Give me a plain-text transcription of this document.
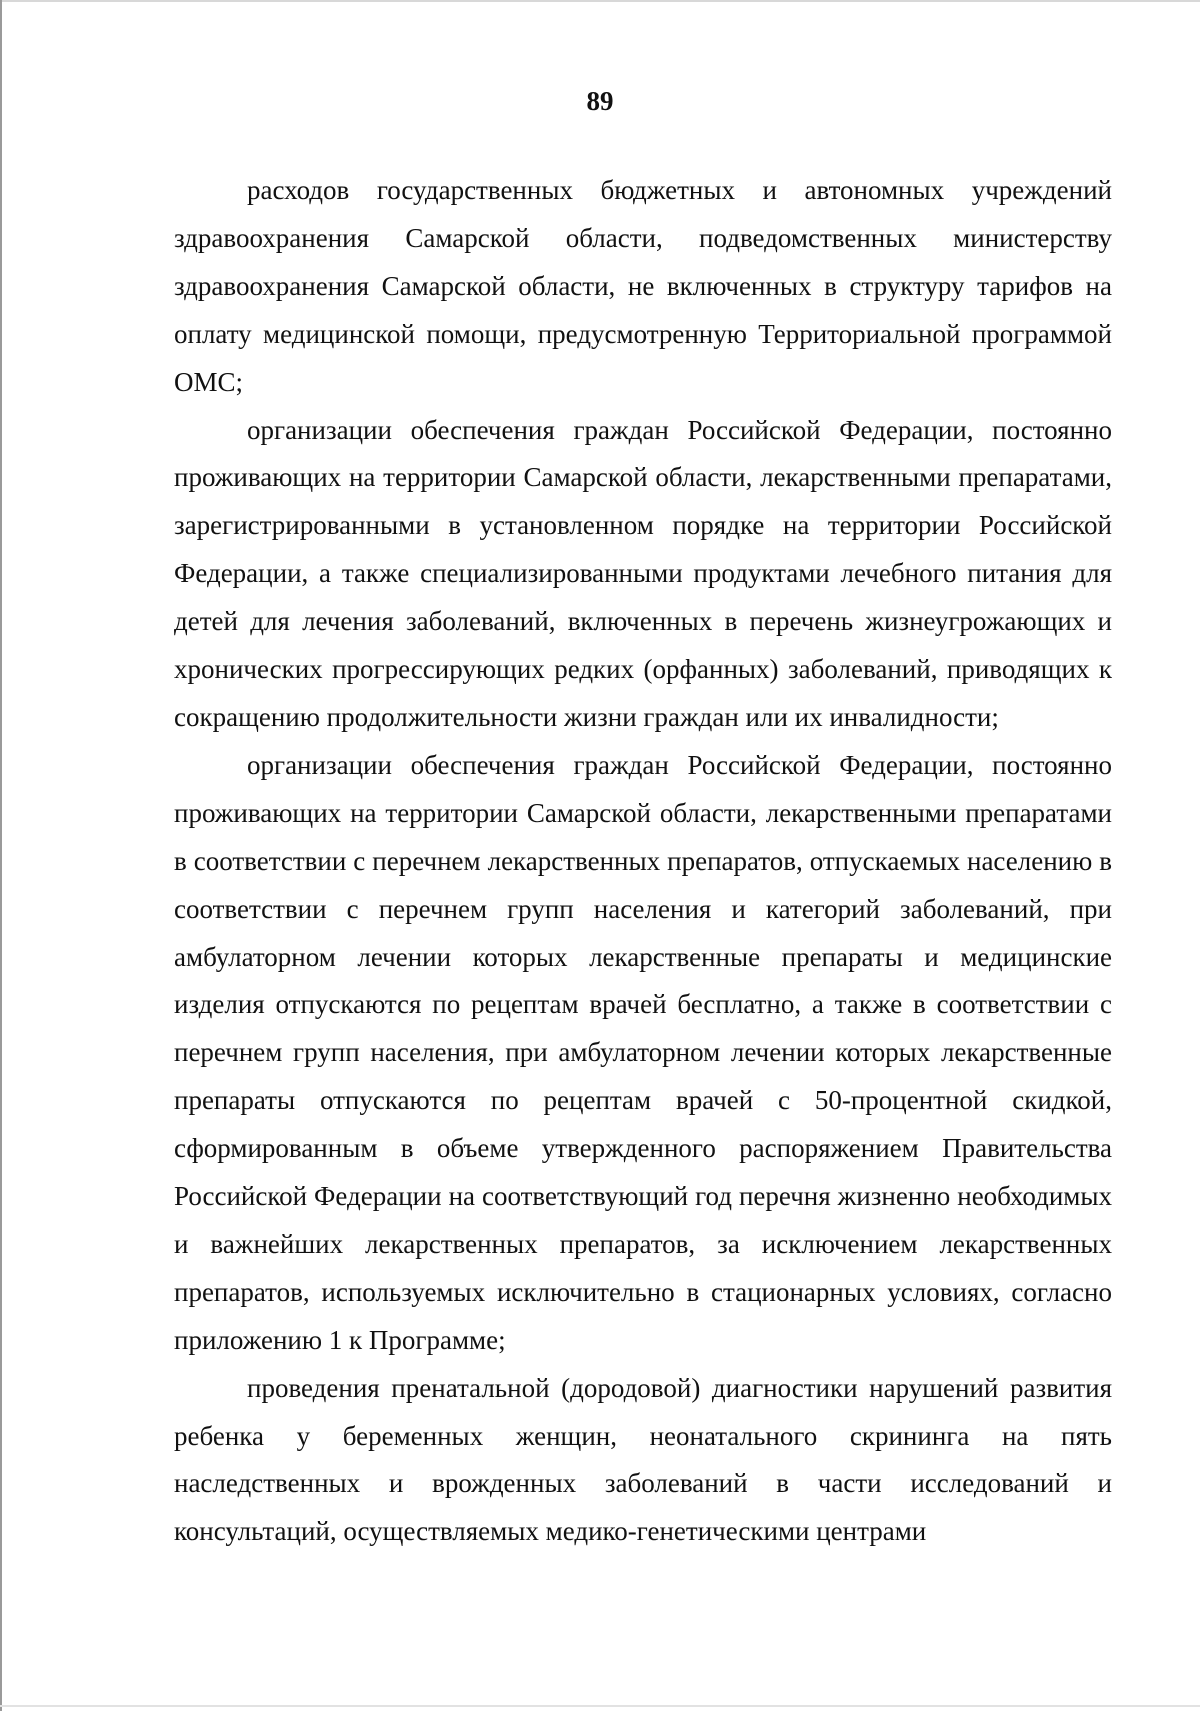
89

расходов государственных бюджетных и автономных учреждений здравоохранения Самарской области, подведомственных министерству здравоохранения Самарской области, не включенных в структуру тарифов на оплату медицинской помощи, предусмотренную Территориальной программой ОМС;

организации обеспечения граждан Российской Федерации, постоянно проживающих на территории Самарской области, лекарственными препаратами, зарегистрированными в установленном порядке на территории Российской Федерации, а также специализированными продуктами лечебного питания для детей для лечения заболеваний, включенных в перечень жизнеугрожающих и хронических прогрессирующих редких (орфанных) заболеваний, приводящих к сокращению продолжительности жизни граждан или их инвалидности;

организации обеспечения граждан Российской Федерации, постоянно проживающих на территории Самарской области, лекарственными препаратами в соответствии с перечнем лекарственных препаратов, отпускаемых населению в соответствии с перечнем групп населения и категорий заболеваний, при амбулаторном лечении которых лекарственные препараты и медицинские изделия отпускаются по рецептам врачей бесплатно, а также в соответствии с перечнем групп населения, при амбулаторном лечении которых лекарственные препараты отпускаются по рецептам врачей с 50-процентной скидкой, сформированным в объеме утвержденного распоряжением Правительства Российской Федерации на соответствующий год перечня жизненно необходимых и важнейших лекарственных препаратов, за исключением лекарственных препаратов, используемых исключительно в стационарных условиях, согласно приложению 1 к Программе;

проведения пренатальной (дородовой) диагностики нарушений развития ребенка у беременных женщин, неонатального скрининга на пять наследственных и врожденных заболеваний в части исследований и консультаций, осуществляемых медико-генетическими центрами
